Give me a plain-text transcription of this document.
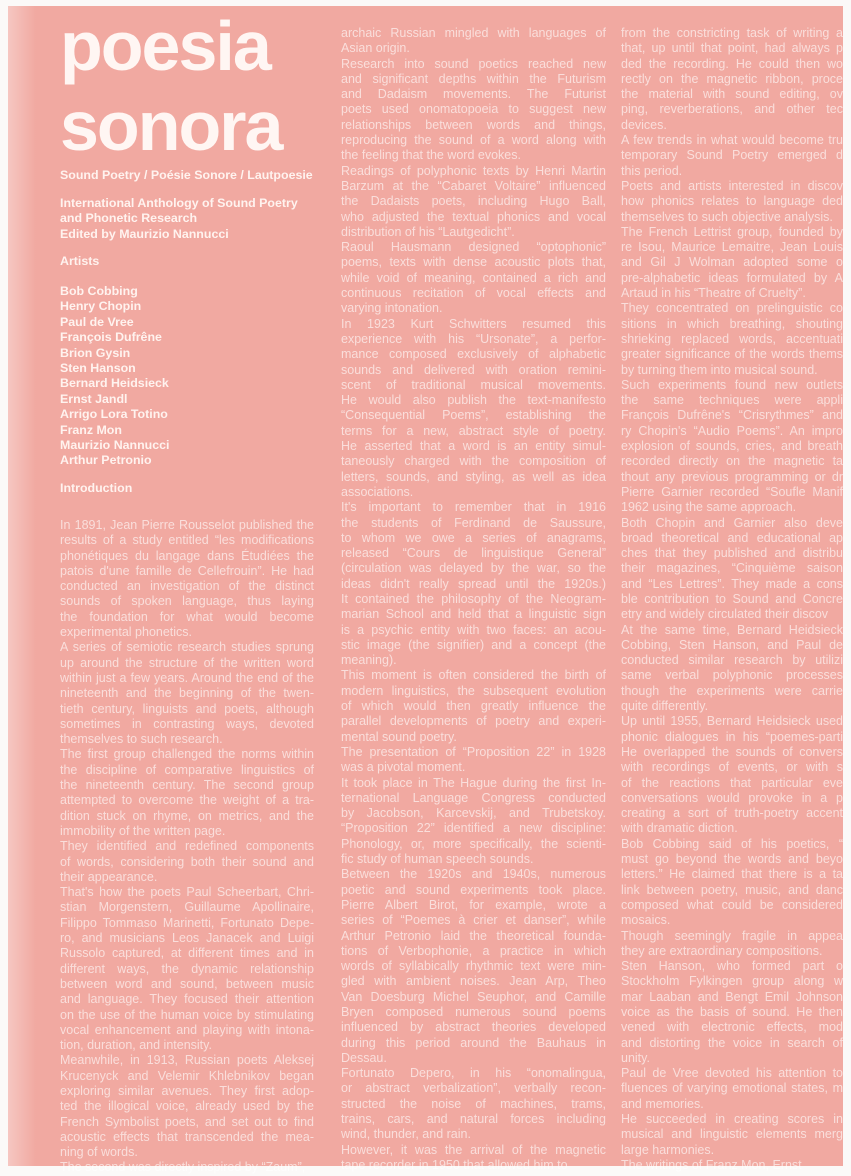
poesia
sonora
Sound Poetry / Poésie Sonore / Lautpoesie
International Anthology of Sound Poetry
and Phonetic Research
Edited by Maurizio Nannucci
Artists
Bob Cobbing
Henry Chopin
Paul de Vree
François Dufrêne
Brion Gysin
Sten Hanson
Bernard Heidsieck
Ernst Jandl
Arrigo Lora Totino
Franz Mon
Maurizio Nannucci
Arthur Petronio
Introduction
In 1891, Jean Pierre Rousselot published the
results of a study entitled “les modifications
phonétiques du langage dans Étudiées the
patois d'une famille de Cellefrouin”. He had
conducted an investigation of the distinct
sounds of spoken language, thus laying
the foundation for what would become
experimental phonetics.
A series of semiotic research studies sprung
up around the structure of the written word
within just a few years. Around the end of the
nineteenth and the beginning of the twen-
tieth century, linguists and poets, although
sometimes in contrasting ways, devoted
themselves to such research.
The first group challenged the norms within
the discipline of comparative linguistics of
the nineteenth century. The second group
attempted to overcome the weight of a tra-
dition stuck on rhyme, on metrics, and the
immobility of the written page.
They identified and redefined components
of words, considering both their sound and
their appearance.
That's how the poets Paul Scheerbart, Chri-
stian Morgenstern, Guillaume Apollinaire,
Filippo Tommaso Marinetti, Fortunato Depe-
ro, and musicians Leos Janacek and Luigi
Russolo captured, at different times and in
different ways, the dynamic relationship
between word and sound, between music
and language. They focused their attention
on the use of the human voice by stimulating
vocal enhancement and playing with intona-
tion, duration, and intensity.
Meanwhile, in 1913, Russian poets Aleksej
Krucenyck and Velemir Khlebnikov began
exploring similar avenues. They first adop-
ted the illogical voice, already used by the
French Symbolist poets, and set out to find
acoustic effects that transcended the mea-
ning of words.
The second was directly inspired by “Zaum”,
archaic Russian mingled with languages of
Asian origin.
Research into sound poetics reached new
and significant depths within the Futurism
and Dadaism movements. The Futurist
poets used onomatopoeia to suggest new
relationships between words and things,
reproducing the sound of a word along with
the feeling that the word evokes.
Readings of polyphonic texts by Henri Martin
Barzum at the “Cabaret Voltaire” influenced
the Dadaists poets, including Hugo Ball,
who adjusted the textual phonics and vocal
distribution of his “Lautgedicht”.
Raoul Hausmann designed “optophonic”
poems, texts with dense acoustic plots that,
while void of meaning, contained a rich and
continuous recitation of vocal effects and
varying intonation.
In 1923 Kurt Schwitters resumed this
experience with his “Ursonate”, a perfor-
mance composed exclusively of alphabetic
sounds and delivered with oration remini-
scent of traditional musical movements.
He would also publish the text-manifesto
“Consequential Poems”, establishing the
terms for a new, abstract style of poetry.
He asserted that a word is an entity simul-
taneously charged with the composition of
letters, sounds, and styling, as well as idea
associations.
It's important to remember that in 1916
the students of Ferdinand de Saussure,
to whom we owe a series of anagrams,
released “Cours de linguistique General”
(circulation was delayed by the war, so the
ideas didn't really spread until the 1920s.)
It contained the philosophy of the Neogram-
marian School and held that a linguistic sign
is a psychic entity with two faces: an acou-
stic image (the signifier) and a concept (the
meaning).
This moment is often considered the birth of
modern linguistics, the subsequent evolution
of which would then greatly influence the
parallel developments of poetry and experi-
mental sound poetry.
The presentation of “Proposition 22” in 1928
was a pivotal moment.
It took place in The Hague during the first In-
ternational Language Congress conducted
by Jacobson, Karcevskij, and Trubetskoy.
“Proposition 22” identified a new discipline:
Phonology, or, more specifically, the scienti-
fic study of human speech sounds.
Between the 1920s and 1940s, numerous
poetic and sound experiments took place.
Pierre Albert Birot, for example, wrote a
series of “Poemes à crier et danser”, while
Arthur Petronio laid the theoretical founda-
tions of Verbophonie, a practice in which
words of syllabically rhythmic text were min-
gled with ambient noises. Jean Arp, Theo
Van Doesburg Michel Seuphor, and Camille
Bryen composed numerous sound poems
influenced by abstract theories developed
during this period around the Bauhaus in
Dessau.
Fortunato Depero, in his “onomalingua,
or abstract verbalization”, verbally recon-
structed the noise of machines, trams,
trains, cars, and natural forces including
wind, thunder, and rain.
However, it was the arrival of the magnetic
tape recorder in 1950 that allowed him to
from the constricting task of writing a
that, up until that point, had always p
ded the recording. He could then wo
rectly on the magnetic ribbon, proce
the material with sound editing, ov
ping, reverberations, and other tec
devices.
A few trends in what would become tru
temporary Sound Poetry emerged d
this period.
Poets and artists interested in discov
how phonics relates to language ded
themselves to such objective analysis.
The French Lettrist group, founded by
re Isou, Maurice Lemaitre, Jean Louis
and Gil J Wolman adopted some o
pre-alphabetic ideas formulated by A
Artaud in his “Theatre of Cruelty”.
They concentrated on prelinguistic co
sitions in which breathing, shouting
shrieking replaced words, accentuati
greater significance of the words thems
by turning them into musical sound.
Such experiments found new outlets
the same techniques were appli
François Dufrêne's “Crisrythmes” and
ry Chopin's “Audio Poems”. An impro
explosion of sounds, cries, and breath
recorded directly on the magnetic ta
thout any previous programming or dr
Pierre Garnier recorded “Soufle Manif
1962 using the same approach.
Both Chopin and Garnier also deve
broad theoretical and educational ap
ches that they published and distribu
their magazines, “Cinquième saison
and “Les Lettres”. They made a cons
ble contribution to Sound and Concre
etry and widely circulated their discov
At the same time, Bernard Heidsieck
Cobbing, Sten Hanson, and Paul de
conducted similar research by utilizi
same verbal polyphonic processes
though the experiments were carrie
quite differently.
Up until 1955, Bernard Heidsieck used
phonic dialogues in his “poemes-parti
He overlapped the sounds of convers
with recordings of events, or with s
of the reactions that particular eve
conversations would provoke in a p
creating a sort of truth-poetry accent
with dramatic diction.
Bob Cobbing said of his poetics, “
must go beyond the words and beyo
letters.” He claimed that there is a ta
link between poetry, music, and danc
composed what could be considered
mosaics.
Though seemingly fragile in appea
they are extraordinary compositions.
Sten Hanson, who formed part o
Stockholm Fylkingen group along w
mar Laaban and Bengt Emil Johnson
voice as the basis of sound. He then
vened with electronic effects, mod
and distorting the voice in search of
unity.
Paul de Vree devoted his attention to
fluences of varying emotional states, m
and memories.
He succeeded in creating scores in
musical and linguistic elements merg
large harmonies.
The writings of Franz Mon, Ernst
